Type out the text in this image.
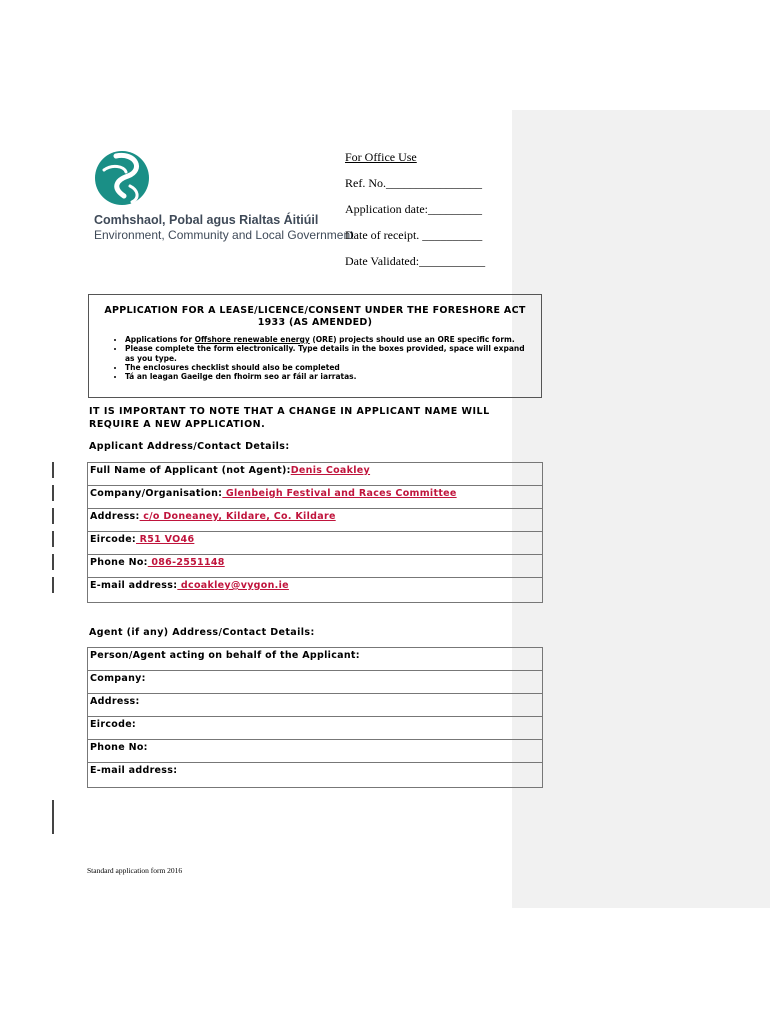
Comhshaol, Pobal agus Rialtas Áitiúil
Environment, Community and Local Government
For Office Use
Ref. No.________________
Application date:_________
Date of receipt. __________
Date Validated:___________
APPLICATION FOR A LEASE/LICENCE/CONSENT UNDER THE FORESHORE ACT 1933 (AS AMENDED)
• Applications for Offshore renewable energy (ORE) projects should use an ORE specific form.
• Please complete the form electronically. Type details in the boxes provided, space will expand as you type.
• The enclosures checklist should also be completed
• Tá an leagan Gaeilge den fhoirm seo ar fáil ar iarratas.
IT IS IMPORTANT TO NOTE THAT A CHANGE IN APPLICANT NAME WILL REQUIRE A NEW APPLICATION.
Applicant Address/Contact Details:
Full Name of Applicant (not Agent):Denis Coakley
Company/Organisation: Glenbeigh Festival and Races Committee
Address: c/o Doneaney, Kildare, Co. Kildare
Eircode: R51 VO46
Phone No: 086-2551148
E-mail address: dcoakley@vygon.ie
Agent (if any) Address/Contact Details:
Person/Agent acting on behalf of the Applicant:
Company:
Address:
Eircode:
Phone No:
E-mail address:
Standard application form 2016
